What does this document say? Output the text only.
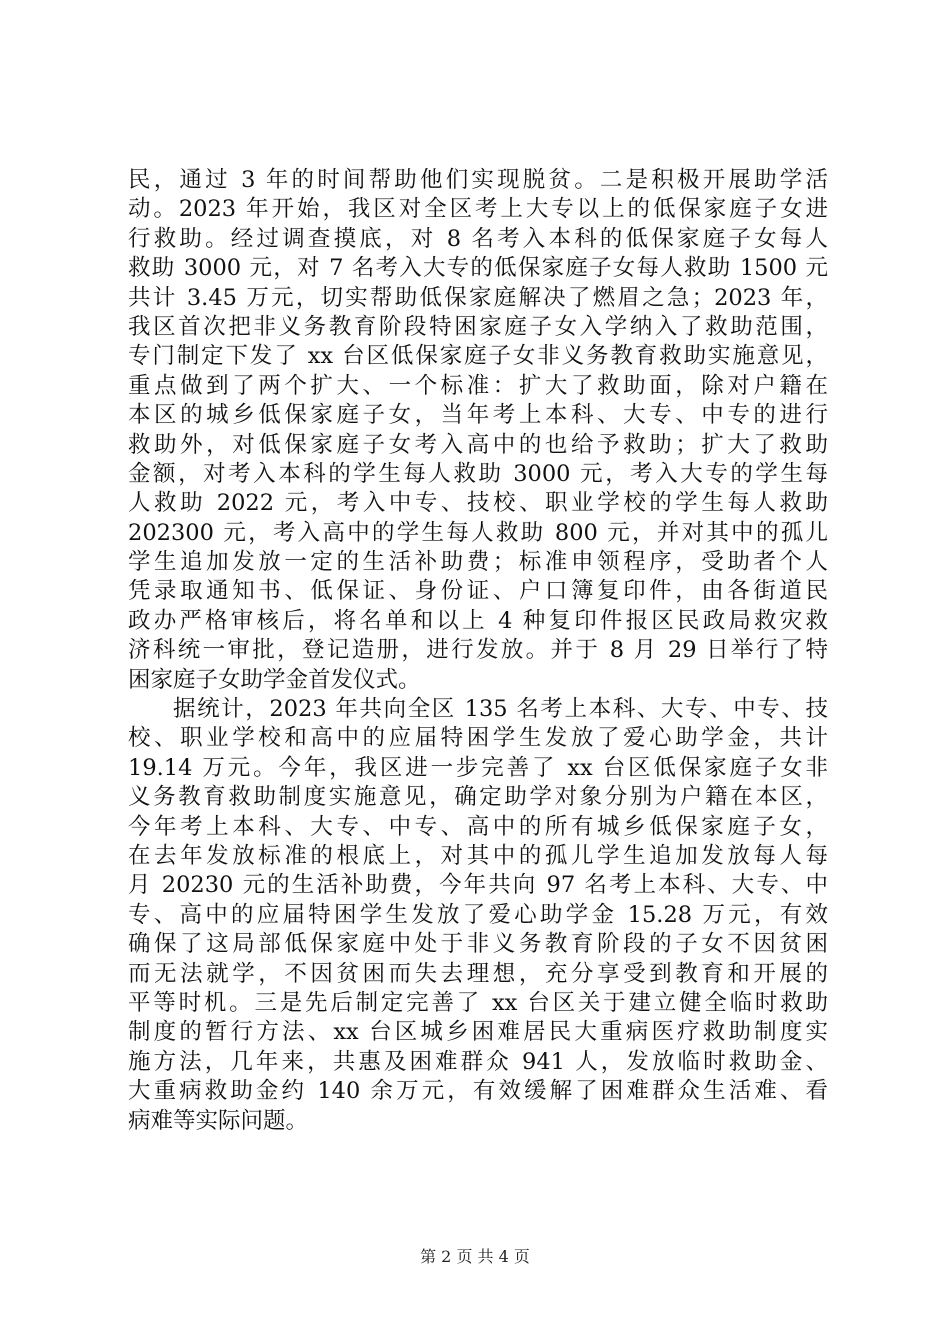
民，通过 3 年的时间帮助他们实现脱贫。二是积极开展助学活
动。2023 年开始，我区对全区考上大专以上的低保家庭子女进
行救助。经过调查摸底，对 8 名考入本科的低保家庭子女每人
救助 3000 元，对 7 名考入大专的低保家庭子女每人救助 1500 元
共计 3.45 万元，切实帮助低保家庭解决了燃眉之急；2023 年，
我区首次把非义务教育阶段特困家庭子女入学纳入了救助范围，
专门制定下发了 xx 台区低保家庭子女非义务教育救助实施意见，
重点做到了两个扩大、一个标准：扩大了救助面，除对户籍在
本区的城乡低保家庭子女，当年考上本科、大专、中专的进行
救助外，对低保家庭子女考入高中的也给予救助；扩大了救助
金额，对考入本科的学生每人救助 3000 元，考入大专的学生每
人救助 2022 元，考入中专、技校、职业学校的学生每人救助
202300 元，考入高中的学生每人救助 800 元，并对其中的孤儿
学生追加发放一定的生活补助费；标准申领程序，受助者个人
凭录取通知书、低保证、身份证、户口簿复印件，由各街道民
政办严格审核后，将名单和以上 4 种复印件报区民政局救灾救
济科统一审批，登记造册，进行发放。并于 8 月 29 日举行了特
困家庭子女助学金首发仪式。
据统计，2023 年共向全区 135 名考上本科、大专、中专、技
校、职业学校和高中的应届特困学生发放了爱心助学金，共计
19.14 万元。今年，我区进一步完善了 xx 台区低保家庭子女非
义务教育救助制度实施意见，确定助学对象分别为户籍在本区，
今年考上本科、大专、中专、高中的所有城乡低保家庭子女，
在去年发放标准的根底上，对其中的孤儿学生追加发放每人每
月 20230 元的生活补助费，今年共向 97 名考上本科、大专、中
专、高中的应届特困学生发放了爱心助学金 15.28 万元，有效
确保了这局部低保家庭中处于非义务教育阶段的子女不因贫困
而无法就学，不因贫困而失去理想，充分享受到教育和开展的
平等时机。三是先后制定完善了 xx 台区关于建立健全临时救助
制度的暂行方法、xx 台区城乡困难居民大重病医疗救助制度实
施方法，几年来，共惠及困难群众 941 人，发放临时救助金、
大重病救助金约 140 余万元，有效缓解了困难群众生活难、看
病难等实际问题。
第 2 页 共 4 页
